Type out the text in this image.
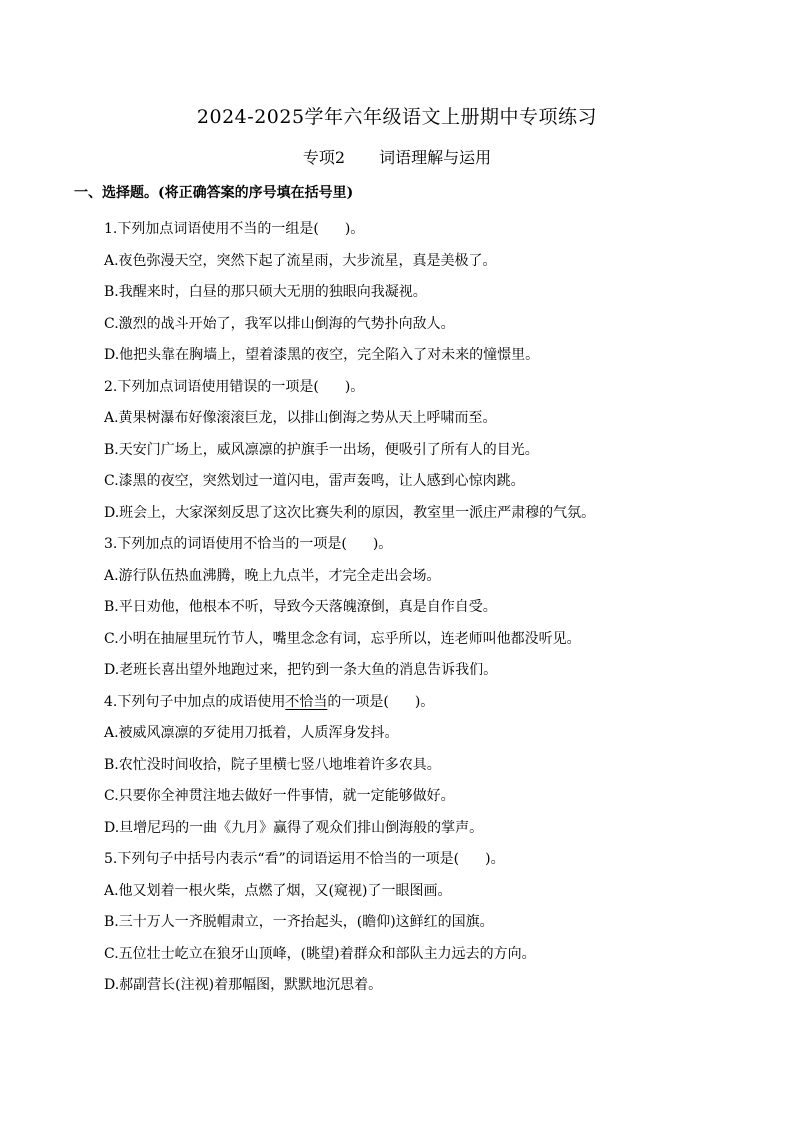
2024-2025学年六年级语文上册期中专项练习
专项2 词语理解与运用
一、选择题。(将正确答案的序号填在括号里)
1.下列加点词语使用不当的一组是( )。
A.夜色弥漫天空，突然下起了流星雨，大步流星，真是美极了。
B.我醒来时，白昼的那只硕大无朋的独眼向我凝视。
C.激烈的战斗开始了，我军以排山倒海的气势扑向敌人。
D.他把头靠在胸墙上，望着漆黑的夜空，完全陷入了对未来的憧憬里。
2.下列加点词语使用错误的一项是( )。
A.黄果树瀑布好像滚滚巨龙，以排山倒海之势从天上呼啸而至。
B.天安门广场上，威风凛凛的护旗手一出场，便吸引了所有人的目光。
C.漆黑的夜空，突然划过一道闪电，雷声轰鸣，让人感到心惊肉跳。
D.班会上，大家深刻反思了这次比赛失利的原因，教室里一派庄严肃穆的气氛。
3.下列加点的词语使用不恰当的一项是( )。
A.游行队伍热血沸腾，晚上九点半，才完全走出会场。
B.平日劝他，他根本不听，导致今天落魄潦倒，真是自作自受。
C.小明在抽屉里玩竹节人，嘴里念念有词，忘乎所以，连老师叫他都没听见。
D.老班长喜出望外地跑过来，把钓到一条大鱼的消息告诉我们。
4.下列句子中加点的成语使用不恰当的一项是( )。
A.被威风凛凛的歹徒用刀抵着，人质浑身发抖。
B.农忙没时间收拾，院子里横七竖八地堆着许多农具。
C.只要你全神贯注地去做好一件事情，就一定能够做好。
D.旦增尼玛的一曲《九月》赢得了观众们排山倒海般的掌声。
5.下列句子中括号内表示“看”的词语运用不恰当的一项是( )。
A.他又划着一根火柴，点燃了烟，又(窥视)了一眼图画。
B.三十万人一齐脱帽肃立，一齐抬起头，(瞻仰)这鲜红的国旗。
C.五位壮士屹立在狼牙山顶峰，(眺望)着群众和部队主力远去的方向。
D.郝副营长(注视)着那幅图，默默地沉思着。
